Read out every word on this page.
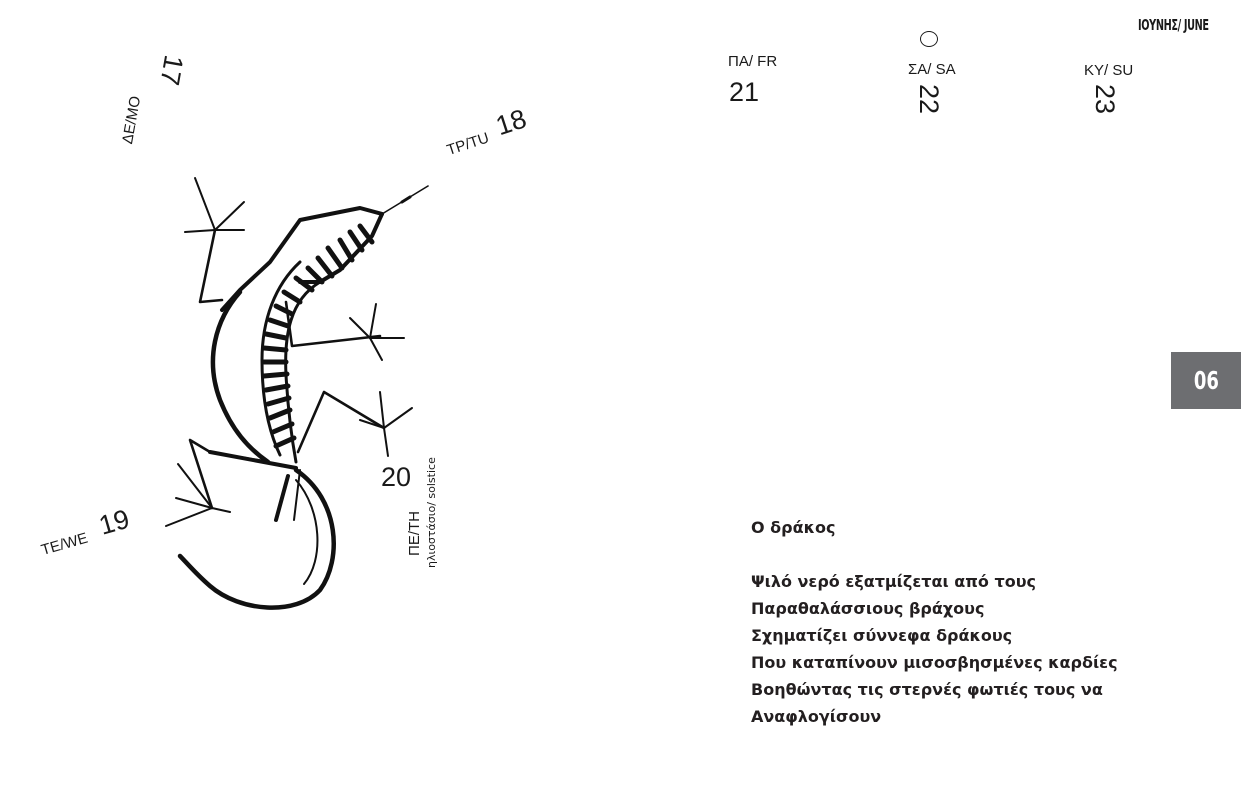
ΙΟΥΝΗΣ/ JUNE
17
ΔΕ/MO	ΤΡ/TU 18
TE/WE 19
20
ΠΕ/TH ηλιοστάσιο/ solstice
ΠΑ/ FR
21
ΣΑ/ SA
22
ΚΥ/ SU
23
06
Ο δράκος
Ψιλό νερό εξατμίζεται από τους
Παραθαλάσσιους βράχους
Σχηματίζει σύννεφα δράκους
Που καταπίνουν μισοσβησμένες καρδίες
Βοηθώντας τις στερνές φωτιές τους να
Αναφλογίσουν
